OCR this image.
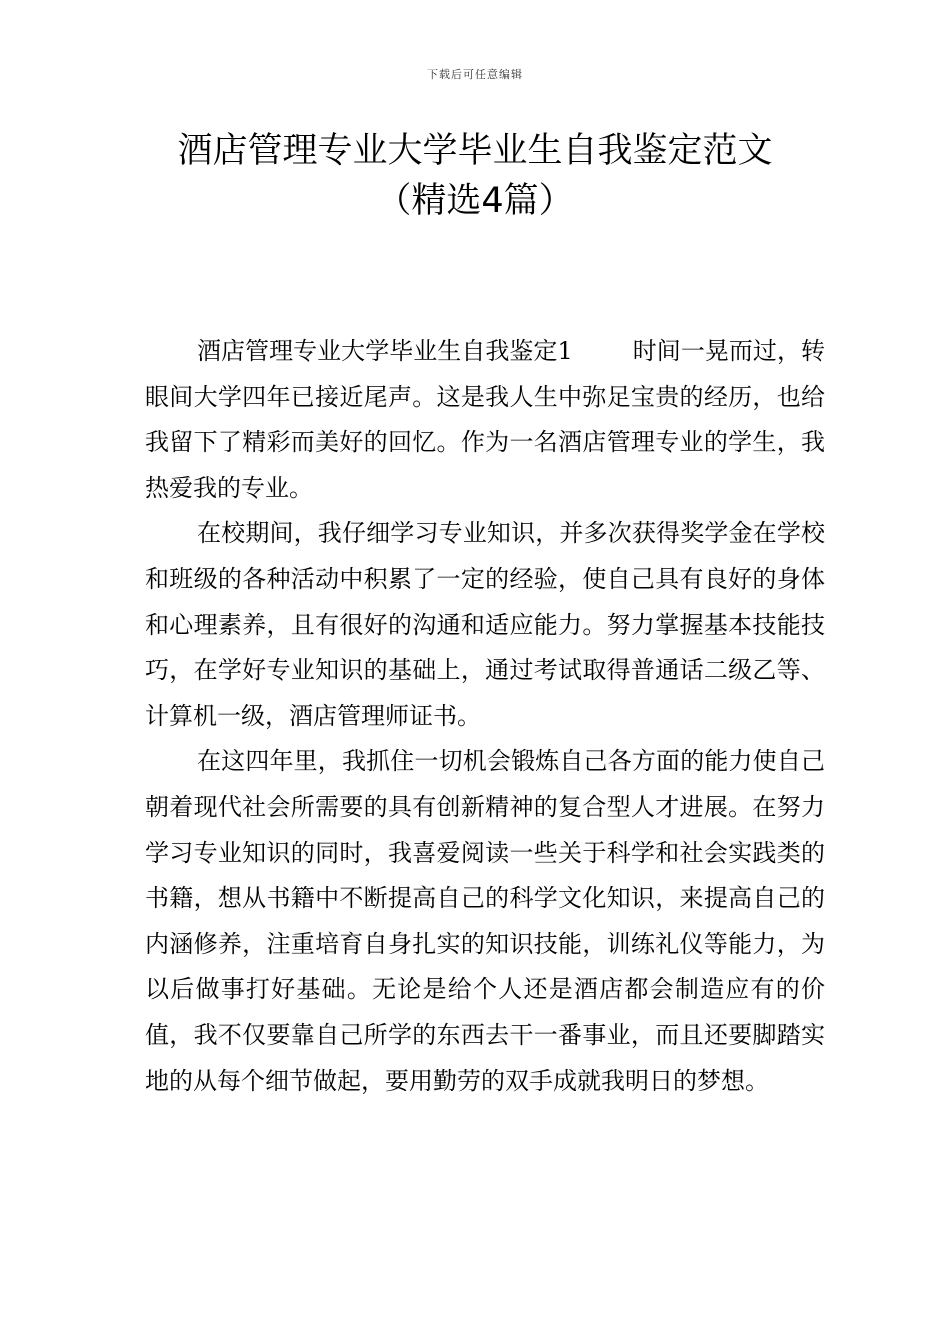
下载后可任意编辑
酒店管理专业大学毕业生自我鉴定范文
（精选4篇）

酒店管理专业大学毕业生自我鉴定1	时间一晃而过，转眼间大学四年已接近尾声。这是我人生中弥足宝贵的经历，也给我留下了精彩而美好的回忆。作为一名酒店管理专业的学生，我热爱我的专业。

在校期间，我仔细学习专业知识，并多次获得奖学金在学校和班级的各种活动中积累了一定的经验，使自己具有良好的身体和心理素养，且有很好的沟通和适应能力。努力掌握基本技能技巧，在学好专业知识的基础上，通过考试取得普通话二级乙等、计算机一级，酒店管理师证书。

在这四年里，我抓住一切机会锻炼自己各方面的能力使自己朝着现代社会所需要的具有创新精神的复合型人才进展。在努力学习专业知识的同时，我喜爱阅读一些关于科学和社会实践类的书籍，想从书籍中不断提高自己的科学文化知识，来提高自己的内涵修养，注重培育自身扎实的知识技能，训练礼仪等能力，为以后做事打好基础。无论是给个人还是酒店都会制造应有的价值，我不仅要靠自己所学的东西去干一番事业，而且还要脚踏实地的从每个细节做起，要用勤劳的双手成就我明日的梦想。
